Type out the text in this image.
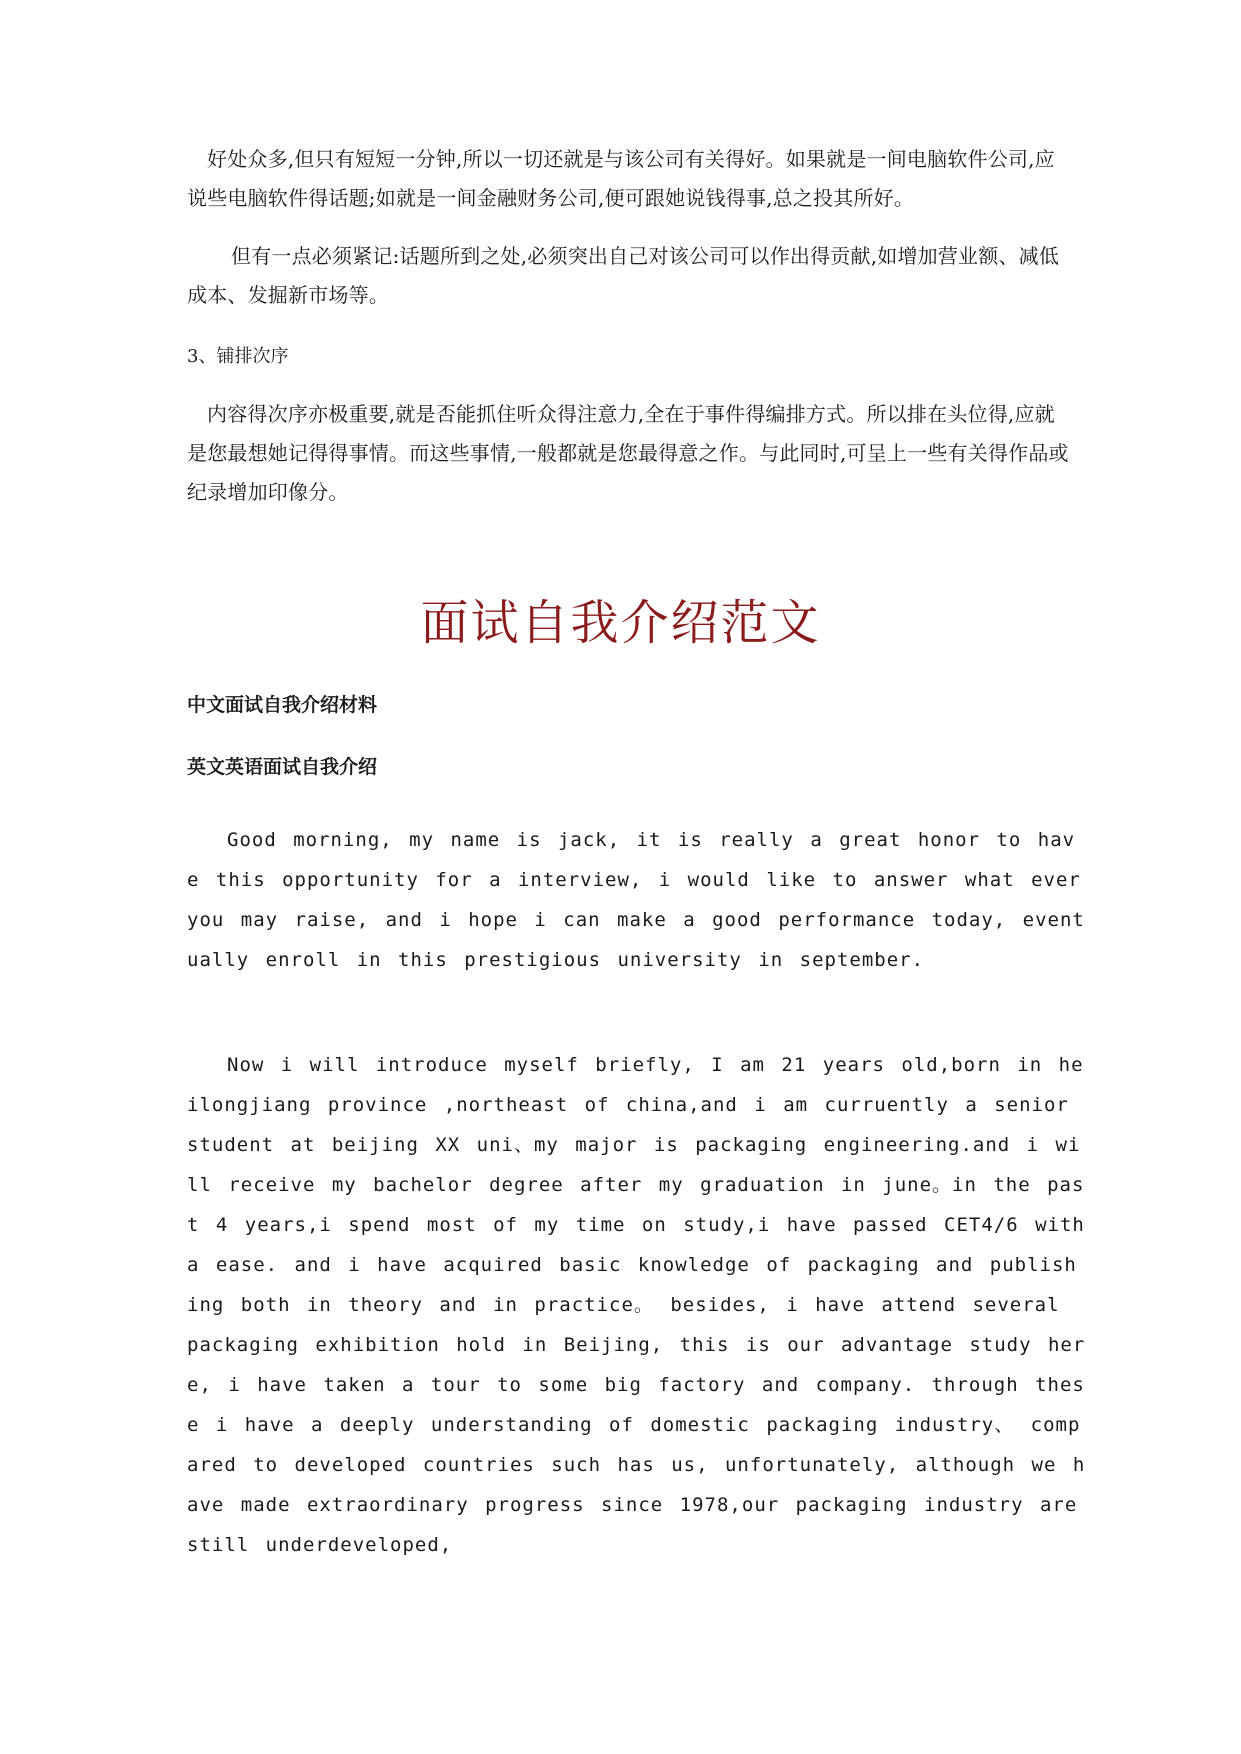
好处众多,但只有短短一分钟,所以一切还就是与该公司有关得好。如果就是一间电脑软件公司,应说些电脑软件得话题;如就是一间金融财务公司,便可跟她说钱得事,总之投其所好。

但有一点必须紧记:话题所到之处,必须突出自己对该公司可以作出得贡献,如增加营业额、减低成本、发掘新市场等。

3、铺排次序

内容得次序亦极重要,就是否能抓住听众得注意力,全在于事件得编排方式。所以排在头位得,应就是您最想她记得得事情。而这些事情,一般都就是您最得意之作。与此同时,可呈上一些有关得作品或纪录增加印像分。

面试自我介绍范文

中文面试自我介绍材料

英文英语面试自我介绍

Good morning, my name is jack, it is really a great honor to have this opportunity for a interview, i would like to answer what ever you may raise, and i hope i can make a good performance today, eventually enroll in this prestigious university in september.

Now i will introduce myself briefly, I am 21 years old,born in heilongjiang province ,northeast of china,and i am curruently a senior student at beijing XX uni、my major is packaging engineering.and i will receive my bachelor degree after my graduation in june。in the past 4 years,i spend most of my time on study,i have passed CET4/6 with a ease. and i have acquired basic knowledge of packaging and publishing both in theory and in practice。 besides, i have attend several packaging exhibition hold in Beijing, this is our advantage study here, i have taken a tour to some big factory and company. through these i have a deeply understanding of domestic packaging industry、 compared to developed countries such has us, unfortunately, although we have made extraordinary progress since 1978,our packaging industry are still underdeveloped,
